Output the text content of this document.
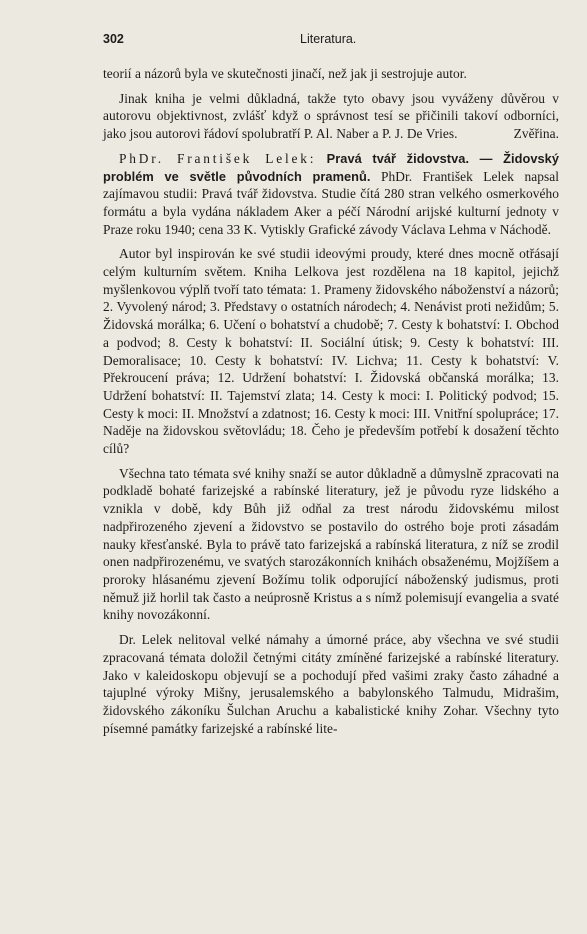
302	Literatura.

teorií a názorů byla ve skutečnosti jinačí, než jak ji sestrojuje autor.

Jinak kniha je velmi důkladná, takže tyto obavy jsou vyváženy důvěrou v autorovu objektivnost, zvlášť když o správnost tesí se přičinili takoví odborníci, jako jsou autorovi řádoví spolubratří P. Al. Naber a P. J. De Vries.	Zvěřina.

PhDr. František Lelek: Pravá tvář židovstva. — Židovský problém ve světle původních pramenů. PhDr. František Lelek napsal zajímavou studii: Pravá tvář židovstva. Studie čítá 280 stran velkého osmerkového formátu a byla vydána nákladem Aker a péčí Národní arijské kulturní jednoty v Praze roku 1940; cena 33 K. Vytiskly Grafické závody Václava Lehma v Náchodě.

Autor byl inspirován ke své studii ideovými proudy, které dnes mocně otřásají celým kulturním světem. Kniha Lelkova jest rozdělena na 18 kapitol, jejichž myšlenkovou výplň tvoří tato témata: 1. Prameny židovského náboženství a názorů; 2. Vyvolený národ; 3. Představy o ostatních národech; 4. Nenávist proti nežidům; 5. Židovská morálka; 6. Učení o bohatství a chudobě; 7. Cesty k bohatství: I. Obchod a podvod; 8. Cesty k bohatství: II. Sociální útisk; 9. Cesty k bohatství: III. Demoralisace; 10. Cesty k bohatství: IV. Lichva; 11. Cesty k bohatství: V. Překroucení práva; 12. Udržení bohatství: I. Židovská občanská morálka; 13. Udržení bohatství: II. Tajemství zlata; 14. Cesty k moci: I. Politický podvod; 15. Cesty k moci: II. Množství a zdatnost; 16. Cesty k moci: III. Vnitřní spolupráce; 17. Naděje na židovskou světovládu; 18. Čeho je především potřebí k dosažení těchto cílů?

Všechna tato témata své knihy snaží se autor důkladně a důmyslně zpracovati na podkladě bohaté farizejské a rabínské literatury, jež je původu ryze lidského a vznikla v době, kdy Bůh již odňal za trest národu židovskému milost nadpřirozeného zjevení a židovstvo se postavilo do ostrého boje proti zásadám nauky křesťanské. Byla to právě tato farizejská a rabínská literatura, z níž se zrodil onen nadpřirozenému, ve svatých starozákonních knihách obsaženému, Mojžíšem a proroky hlásanému zjevení Božímu tolik odporující náboženský judismus, proti němuž již horlil tak často a neúprosně Kristus a s nímž polemisují evangelia a svaté knihy novozákonní.

Dr. Lelek nelitoval velké námahy a úmorné práce, aby všechna ve své studii zpracovaná témata doložil četnými citáty zmíněné farizejské a rabínské literatury. Jako v kaleidoskopu objevují se a pochodují před vašimi zraky často záhadné a tajuplné výroky Mišny, jerusalemského a babylonského Talmudu, Midrašim, židovského zákoníku Šulchan Aruchu a kabalistické knihy Zohar. Všechny tyto písemné památky farizejské a rabínské lite-
